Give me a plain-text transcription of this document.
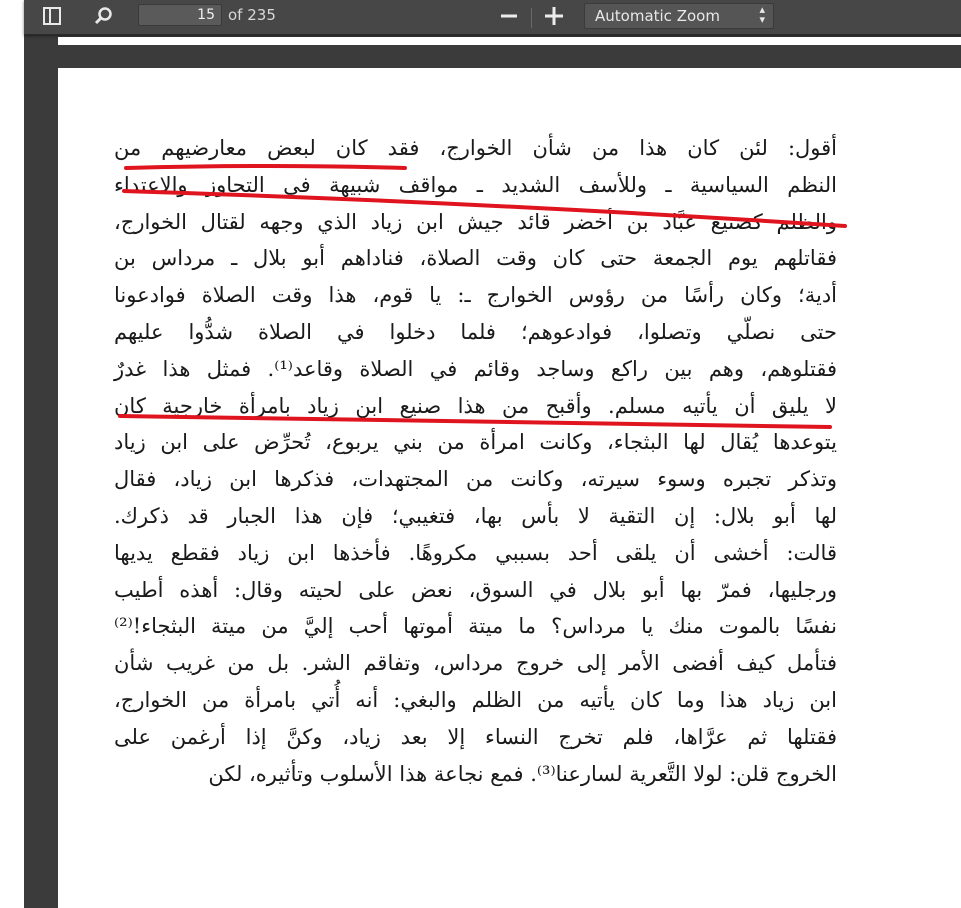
15
of 235	Automatic Zoom	▴
▾
أقول: لئن كان هذا من شأن الخوارج، فقد كان لبعض معارضيهم من
النظم السياسية ـ وللأسف الشديد ـ مواقف شبيهة في التجاوز والاعتداء
والظلم كصنيع عبَّاد بن أخضر قائد جيش ابن زياد الذي وجهه لقتال الخوارج،
فقاتلهم يوم الجمعة حتى كان وقت الصلاة، فناداهم أبو بلال ـ مرداس بن
أدية؛ وكان رأسًا من رؤوس الخوارج ـ: يا قوم، هذا وقت الصلاة فوادعونا
حتى نصلّي وتصلوا، فوادعوهم؛ فلما دخلوا في الصلاة شدُّوا عليهم
فقتلوهم، وهم بين راكع وساجد وقائم في الصلاة وقاعد⁽¹⁾. فمثل هذا غدرٌ
لا يليق أن يأتيه مسلم. وأقبح من هذا صنيع ابن زياد بامرأة خارجية كان
يتوعدها يُقال لها البثجاء، وكانت امرأة من بني يربوع، تُحرِّض على ابن زياد
وتذكر تجبره وسوء سيرته، وكانت من المجتهدات، فذكرها ابن زياد، فقال
لها أبو بلال: إن التقية لا بأس بها، فتغيبي؛ فإن هذا الجبار قد ذكرك.
قالت: أخشى أن يلقى أحد بسببي مكروهًا. فأخذها ابن زياد فقطع يديها
ورجليها، فمرّ بها أبو بلال في السوق، نعض على لحيته وقال: أهذه أطيب
نفسًا بالموت منك يا مرداس؟ ما ميتة أموتها أحب إليَّ من ميتة البثجاء!⁽²⁾
فتأمل كيف أفضى الأمر إلى خروج مرداس، وتفاقم الشر. بل من غريب شأن
ابن زياد هذا وما كان يأتيه من الظلم والبغي: أنه أُتي بامرأة من الخوارج،
فقتلها ثم عرَّاها، فلم تخرج النساء إلا بعد زياد، وكنَّ إذا أرغمن على
الخروج قلن: لولا التَّعرية لسارعنا⁽³⁾. فمع نجاعة هذا الأسلوب وتأثيره، لكن
